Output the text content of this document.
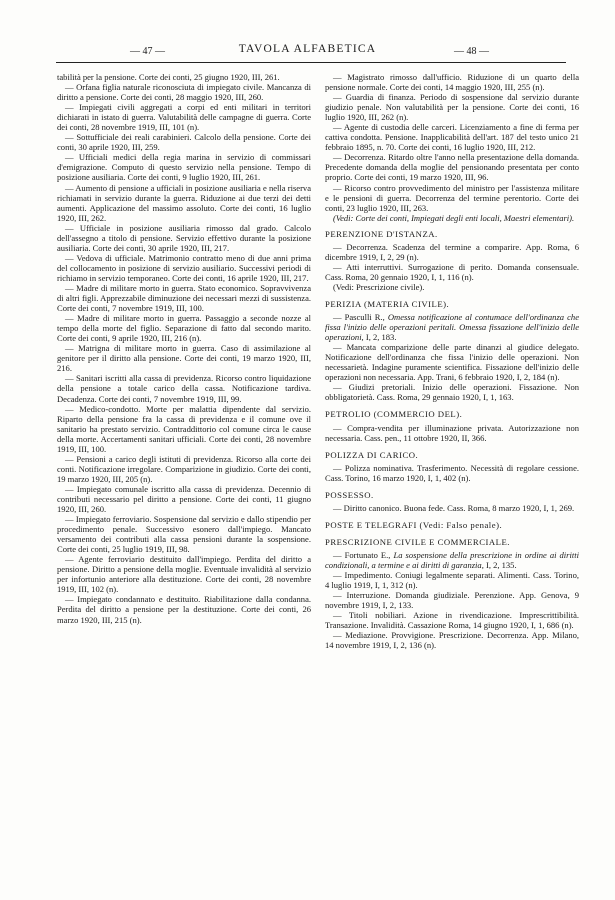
— 47 —	TAVOLA ALFABETICA	— 48 —

tabilità per la pensione. Corte dei conti, 25 giugno 1920, III, 261.

— Orfana figlia naturale riconosciuta di impiegato civile. Mancanza di diritto a pensione. Corte dei conti, 28 maggio 1920, III, 260.

— Impiegati civili aggregati a corpi ed enti militari in territori dichiarati in istato di guerra. Valutabilità delle campagne di guerra. Corte dei conti, 28 novembre 1919, III, 101 (n).

— Sottufficiale dei reali carabinieri. Calcolo della pensione. Corte dei conti, 30 aprile 1920, III, 259.

— Ufficiali medici della regia marina in servizio di commissari d'emigrazione. Computo di questo servizio nella pensione. Tempo di posizione ausiliaria. Corte dei conti, 9 luglio 1920, III, 261.

— Aumento di pensione a ufficiali in posizione ausiliaria e nella riserva richiamati in servizio durante la guerra. Riduzione ai due terzi dei detti aumenti. Applicazione del massimo assoluto. Corte dei conti, 16 luglio 1920, III, 262.

— Ufficiale in posizione ausiliaria rimosso dal grado. Calcolo dell'assegno a titolo di pensione. Servizio effettivo durante la posizione ausiliaria. Corte dei conti, 30 aprile 1920, III, 217.

— Vedova di ufficiale. Matrimonio contratto meno di due anni prima del collocamento in posizione di servizio ausiliario. Successivi periodi di richiamo in servizio temporaneo. Corte dei conti, 16 aprile 1920, III, 217.

— Madre di militare morto in guerra. Stato economico. Sopravvivenza di altri figli. Apprezzabile diminuzione dei necessari mezzi di sussistenza. Corte dei conti, 7 novembre 1919, III, 100.

— Madre di militare morto in guerra. Passaggio a seconde nozze al tempo della morte del figlio. Separazione di fatto dal secondo marito. Corte dei conti, 9 aprile 1920, III, 216 (n).

— Matrigna di militare morto in guerra. Caso di assimilazione al genitore per il diritto alla pensione. Corte dei conti, 19 marzo 1920, III, 216.

— Sanitari iscritti alla cassa di previdenza. Ricorso contro liquidazione della pensione a totale carico della cassa. Notificazione tardiva. Decadenza. Corte dei conti, 7 novembre 1919, III, 99.

— Medico-condotto. Morte per malattia dipendente dal servizio. Riparto della pensione fra la cassa di previdenza e il comune ove il sanitario ha prestato servizio. Contraddittorio col comune circa le cause della morte. Accertamenti sanitari ufficiali. Corte dei conti, 28 novembre 1919, III, 100.

— Pensioni a carico degli istituti di previdenza. Ricorso alla corte dei conti. Notificazione irregolare. Comparizione in giudizio. Corte dei conti, 19 marzo 1920, III, 205 (n).

— Impiegato comunale iscritto alla cassa di previdenza. Decennio di contributi necessario pel diritto a pensione. Corte dei conti, 11 giugno 1920, III, 260.

— Impiegato ferroviario. Sospensione dal servizio e dallo stipendio per procedimento penale. Successivo esonero dall'impiego. Mancato versamento dei contributi alla cassa pensioni durante la sospensione. Corte dei conti, 25 luglio 1919, III, 98.

— Agente ferroviario destituito dall'impiego. Perdita del diritto a pensione. Diritto a pensione della moglie. Eventuale invalidità al servizio per infortunio anteriore alla destituzione. Corte dei conti, 28 novembre 1919, III, 102 (n).

— Impiegato condannato e destituito. Riabilitazione dalla condanna. Perdita del diritto a pensione per la destituzione. Corte dei conti, 26 marzo 1920, III, 215 (n).

— Magistrato rimosso dall'ufficio. Riduzione di un quarto della pensione normale. Corte dei conti, 14 maggio 1920, III, 255 (n).

— Guardia di finanza. Periodo di sospensione dal servizio durante giudizio penale. Non valutabilità per la pensione. Corte dei conti, 16 luglio 1920, III, 262 (n).

— Agente di custodia delle carceri. Licenziamento a fine di ferma per cattiva condotta. Pensione. Inapplicabilità dell'art. 187 del testo unico 21 febbraio 1895, n. 70. Corte dei conti, 16 luglio 1920, III, 212.

— Decorrenza. Ritardo oltre l'anno nella presentazione della domanda. Precedente domanda della moglie del pensionando presentata per conto proprio. Corte dei conti, 19 marzo 1920, III, 96.

— Ricorso contro provvedimento del ministro per l'assistenza militare e le pensioni di guerra. Decorrenza del termine perentorio. Corte dei conti, 23 luglio 1920, III, 263.

(Vedi: Corte dei conti, Impiegati degli enti locali, Maestri elementari).

PERENZIONE D'ISTANZA.

— Decorrenza. Scadenza del termine a comparire. App. Roma, 6 dicembre 1919, I, 2, 29 (n).

— Atti interruttivi. Surrogazione di perito. Domanda consensuale. Cass. Roma, 20 gennaio 1920, I, 1, 116 (n).

(Vedi: Prescrizione civile).

PERIZIA (MATERIA CIVILE).

— Pasculli R., Omessa notificazione al contumace dell'ordinanza che fissa l'inizio delle operazioni peritali. Omessa fissazione dell'inizio delle operazioni, I, 2, 183.

— Mancata comparizione delle parte dinanzi al giudice delegato. Notificazione dell'ordinanza che fissa l'inizio delle operazioni. Non necessarietà. Indagine puramente scientifica. Fissazione dell'inizio delle operazioni non necessaria. App. Trani, 6 febbraio 1920, I, 2, 184 (n).

— Giudizi pretoriali. Inizio delle operazioni. Fissazione. Non obbligatorietà. Cass. Roma, 29 gennaio 1920, I, 1, 163.

PETROLIO (COMMERCIO DEL).

— Compra-vendita per illuminazione privata. Autorizzazione non necessaria. Cass. pen., 11 ottobre 1920, II, 366.

POLIZZA DI CARICO.

— Polizza nominativa. Trasferimento. Necessità di regolare cessione. Cass. Torino, 16 marzo 1920, I, 1, 402 (n).

POSSESSO.

— Diritto canonico. Buona fede. Cass. Roma, 8 marzo 1920, I, 1, 269.

POSTE E TELEGRAFI (Vedi: Falso penale).
PRESCRIZIONE CIVILE E COMMERCIALE.

— Fortunato E., La sospensione della prescrizione in ordine ai diritti condizionali, a termine e ai diritti di garanzia, I, 2, 135.

— Impedimento. Coniugi legalmente separati. Alimenti. Cass. Torino, 4 luglio 1919, I, 1, 312 (n).

— Interruzione. Domanda giudiziale. Perenzione. App. Genova, 9 novembre 1919, I, 2, 133.

— Titoli nobiliari. Azione in rivendicazione. Imprescrittibilità. Transazione. Invalidità. Cassazione Roma, 14 giugno 1920, I, 1, 686 (n).

— Mediazione. Provvigione. Prescrizione. Decorrenza. App. Milano, 14 novembre 1919, I, 2, 136 (n).
